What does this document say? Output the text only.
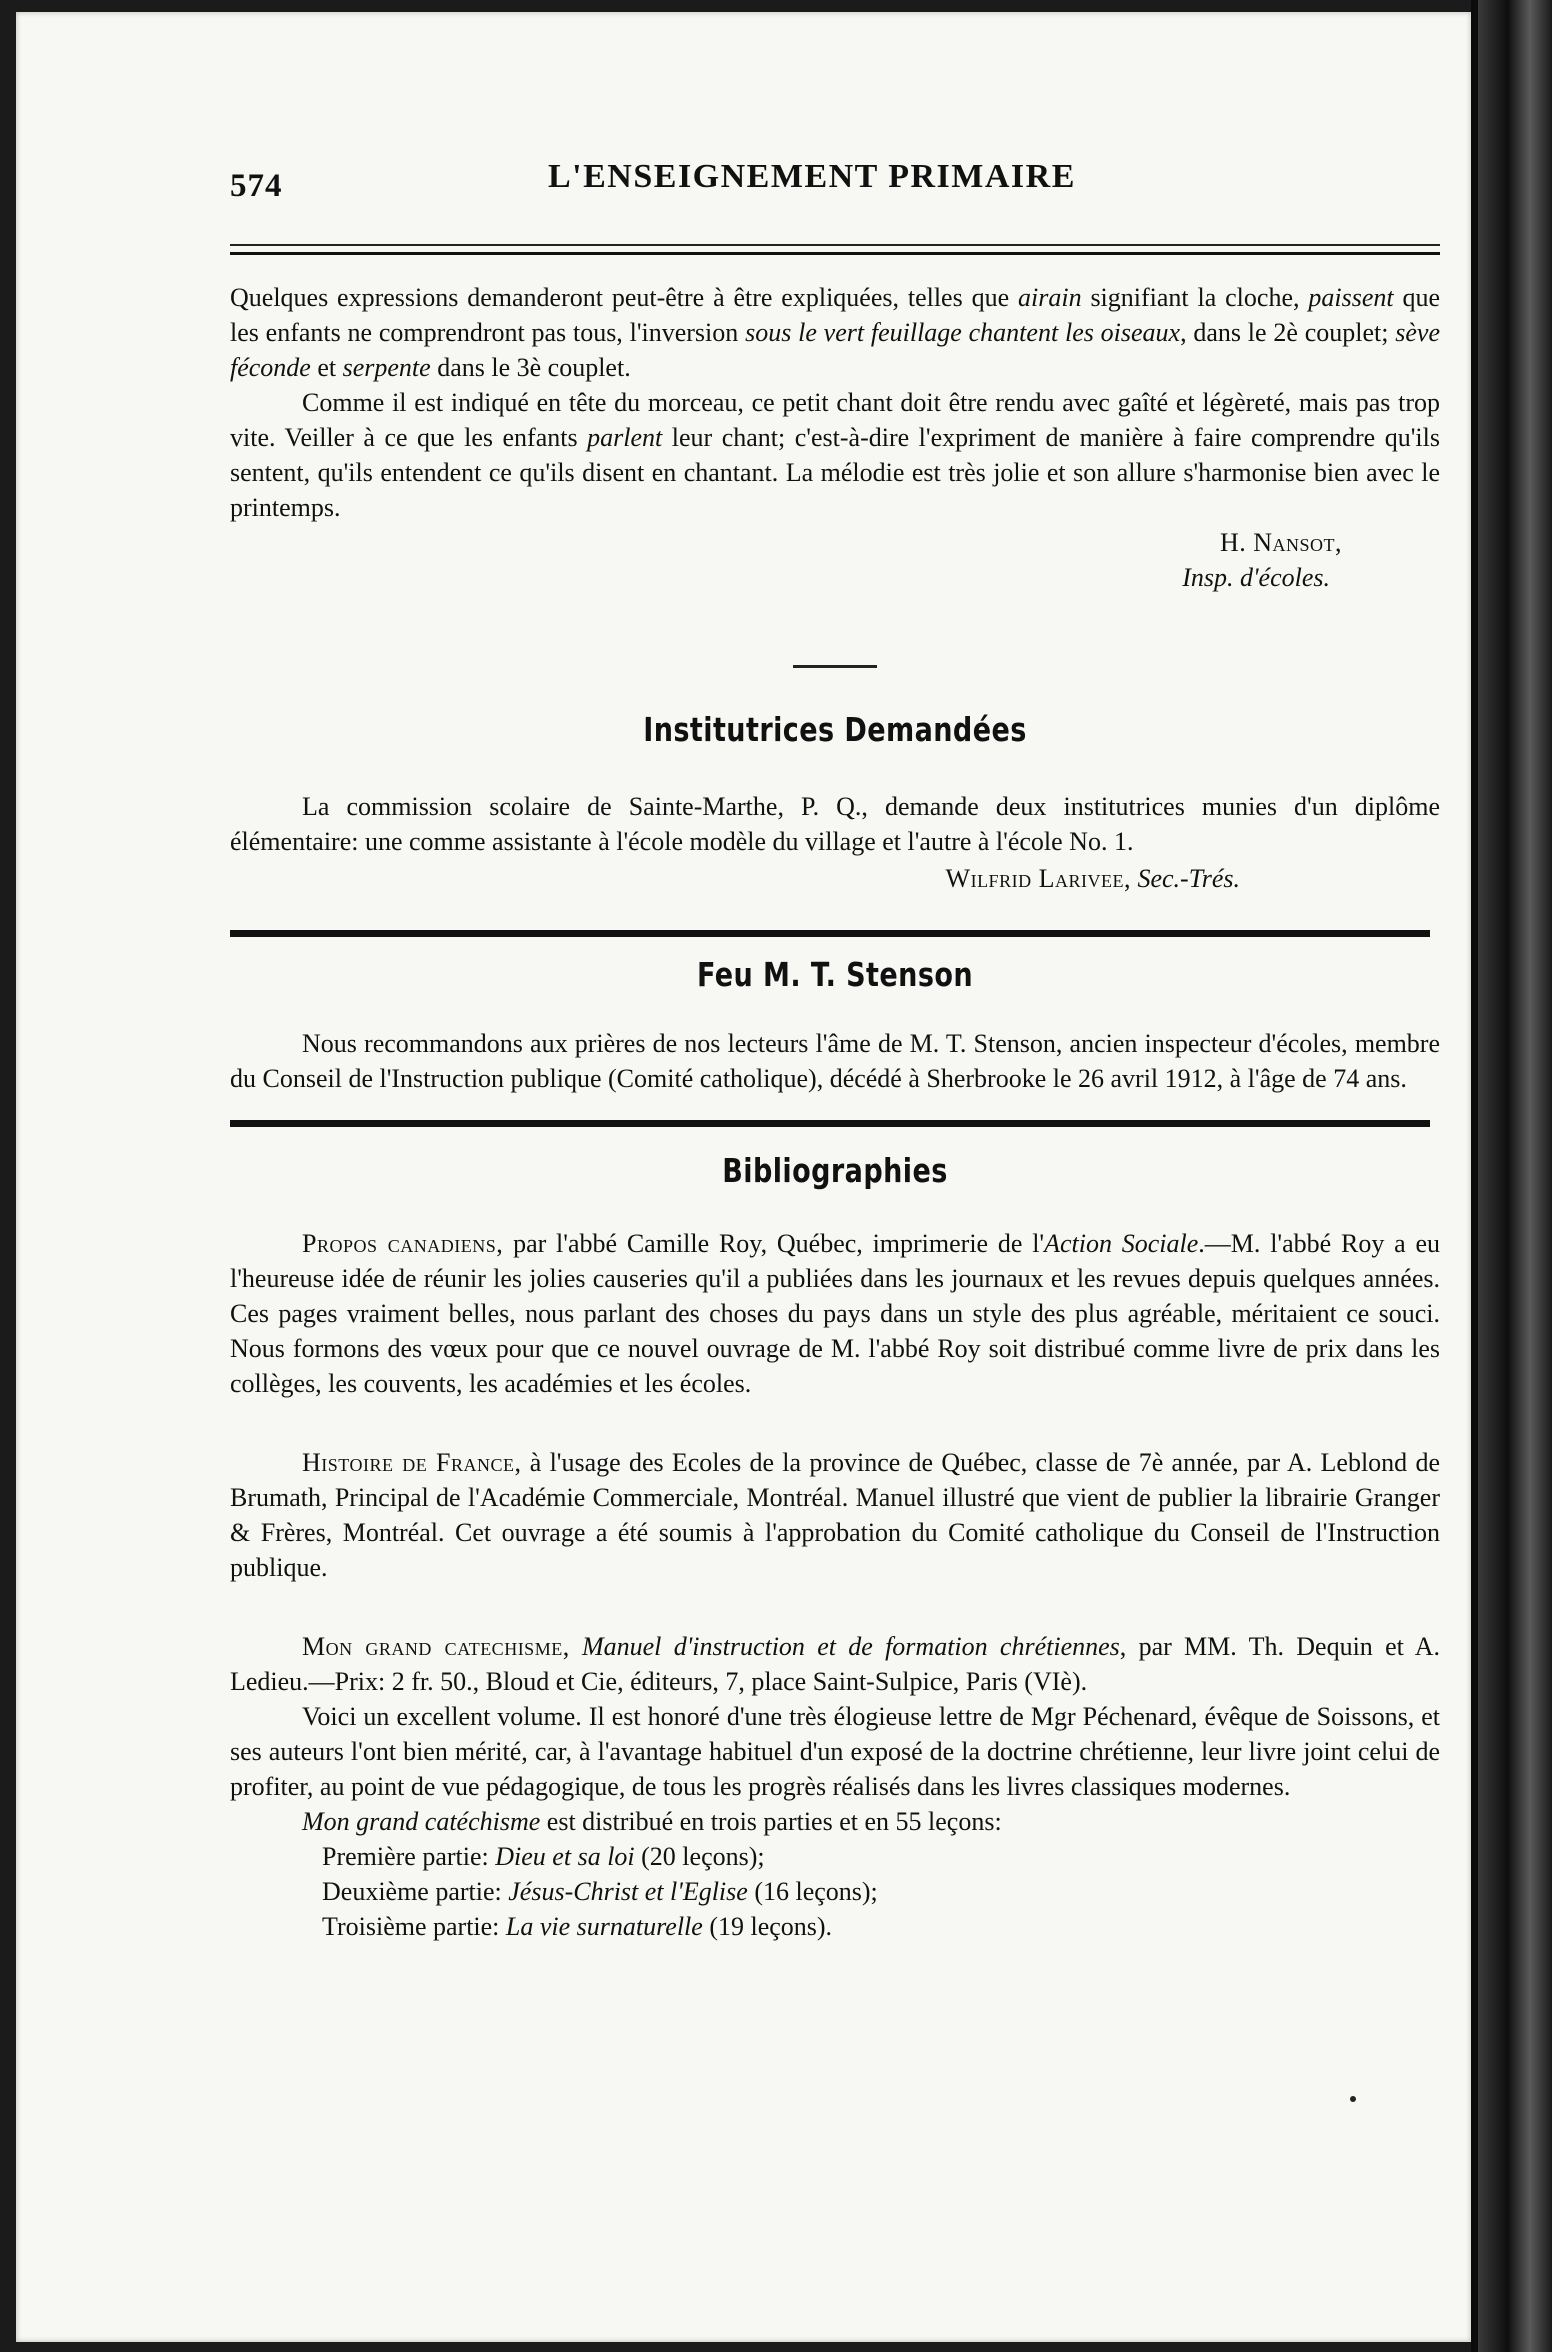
574	L'ENSEIGNEMENT PRIMAIRE

Quelques expressions demanderont peut-être à être expliquées, telles que airain signifiant la cloche, paissent que les enfants ne comprendront pas tous, l'inversion sous le vert feuillage chantent les oiseaux, dans le 2è couplet; sève féconde et serpente dans le 3è couplet.

Comme il est indiqué en tête du morceau, ce petit chant doit être rendu avec gaîté et légèreté, mais pas trop vite. Veiller à ce que les enfants parlent leur chant; c'est-à-dire l'expriment de manière à faire comprendre qu'ils sentent, qu'ils entendent ce qu'ils disent en chantant. La mélodie est très jolie et son allure s'harmonise bien avec le printemps.

H. Nansot,
Insp. d'écoles.
Institutrices Demandées

La commission scolaire de Sainte-Marthe, P. Q., demande deux institutrices munies d'un diplôme élémentaire: une comme assistante à l'école modèle du village et l'autre à l'école No. 1.

Wilfrid Larivee, Sec.-Trés.
Feu M. T. Stenson

Nous recommandons aux prières de nos lecteurs l'âme de M. T. Stenson, ancien inspecteur d'écoles, membre du Conseil de l'Instruction publique (Comité catholique), décédé à Sherbrooke le 26 avril 1912, à l'âge de 74 ans.

Bibliographies

Propos canadiens, par l'abbé Camille Roy, Québec, imprimerie de l'Action Sociale.—M. l'abbé Roy a eu l'heureuse idée de réunir les jolies causeries qu'il a publiées dans les journaux et les revues depuis quelques années. Ces pages vraiment belles, nous parlant des choses du pays dans un style des plus agréable, méritaient ce souci. Nous formons des vœux pour que ce nouvel ouvrage de M. l'abbé Roy soit distribué comme livre de prix dans les collèges, les couvents, les académies et les écoles.

Histoire de France, à l'usage des Ecoles de la province de Québec, classe de 7è année, par A. Leblond de Brumath, Principal de l'Académie Commerciale, Montréal. Manuel illustré que vient de publier la librairie Granger & Frères, Montréal. Cet ouvrage a été soumis à l'approbation du Comité catholique du Conseil de l'Instruction publique.

Mon grand catechisme, Manuel d'instruction et de formation chrétiennes, par MM. Th. Dequin et A. Ledieu.—Prix: 2 fr. 50., Bloud et Cie, éditeurs, 7, place Saint-Sulpice, Paris (VIè).

Voici un excellent volume. Il est honoré d'une très élogieuse lettre de Mgr Péchenard, évêque de Soissons, et ses auteurs l'ont bien mérité, car, à l'avantage habituel d'un exposé de la doctrine chrétienne, leur livre joint celui de profiter, au point de vue pédagogique, de tous les progrès réalisés dans les livres classiques modernes.

Mon grand catéchisme est distribué en trois parties et en 55 leçons:

Première partie: Dieu et sa loi (20 leçons);
Deuxième partie: Jésus-Christ et l'Eglise (16 leçons);
Troisième partie: La vie surnaturelle (19 leçons).
